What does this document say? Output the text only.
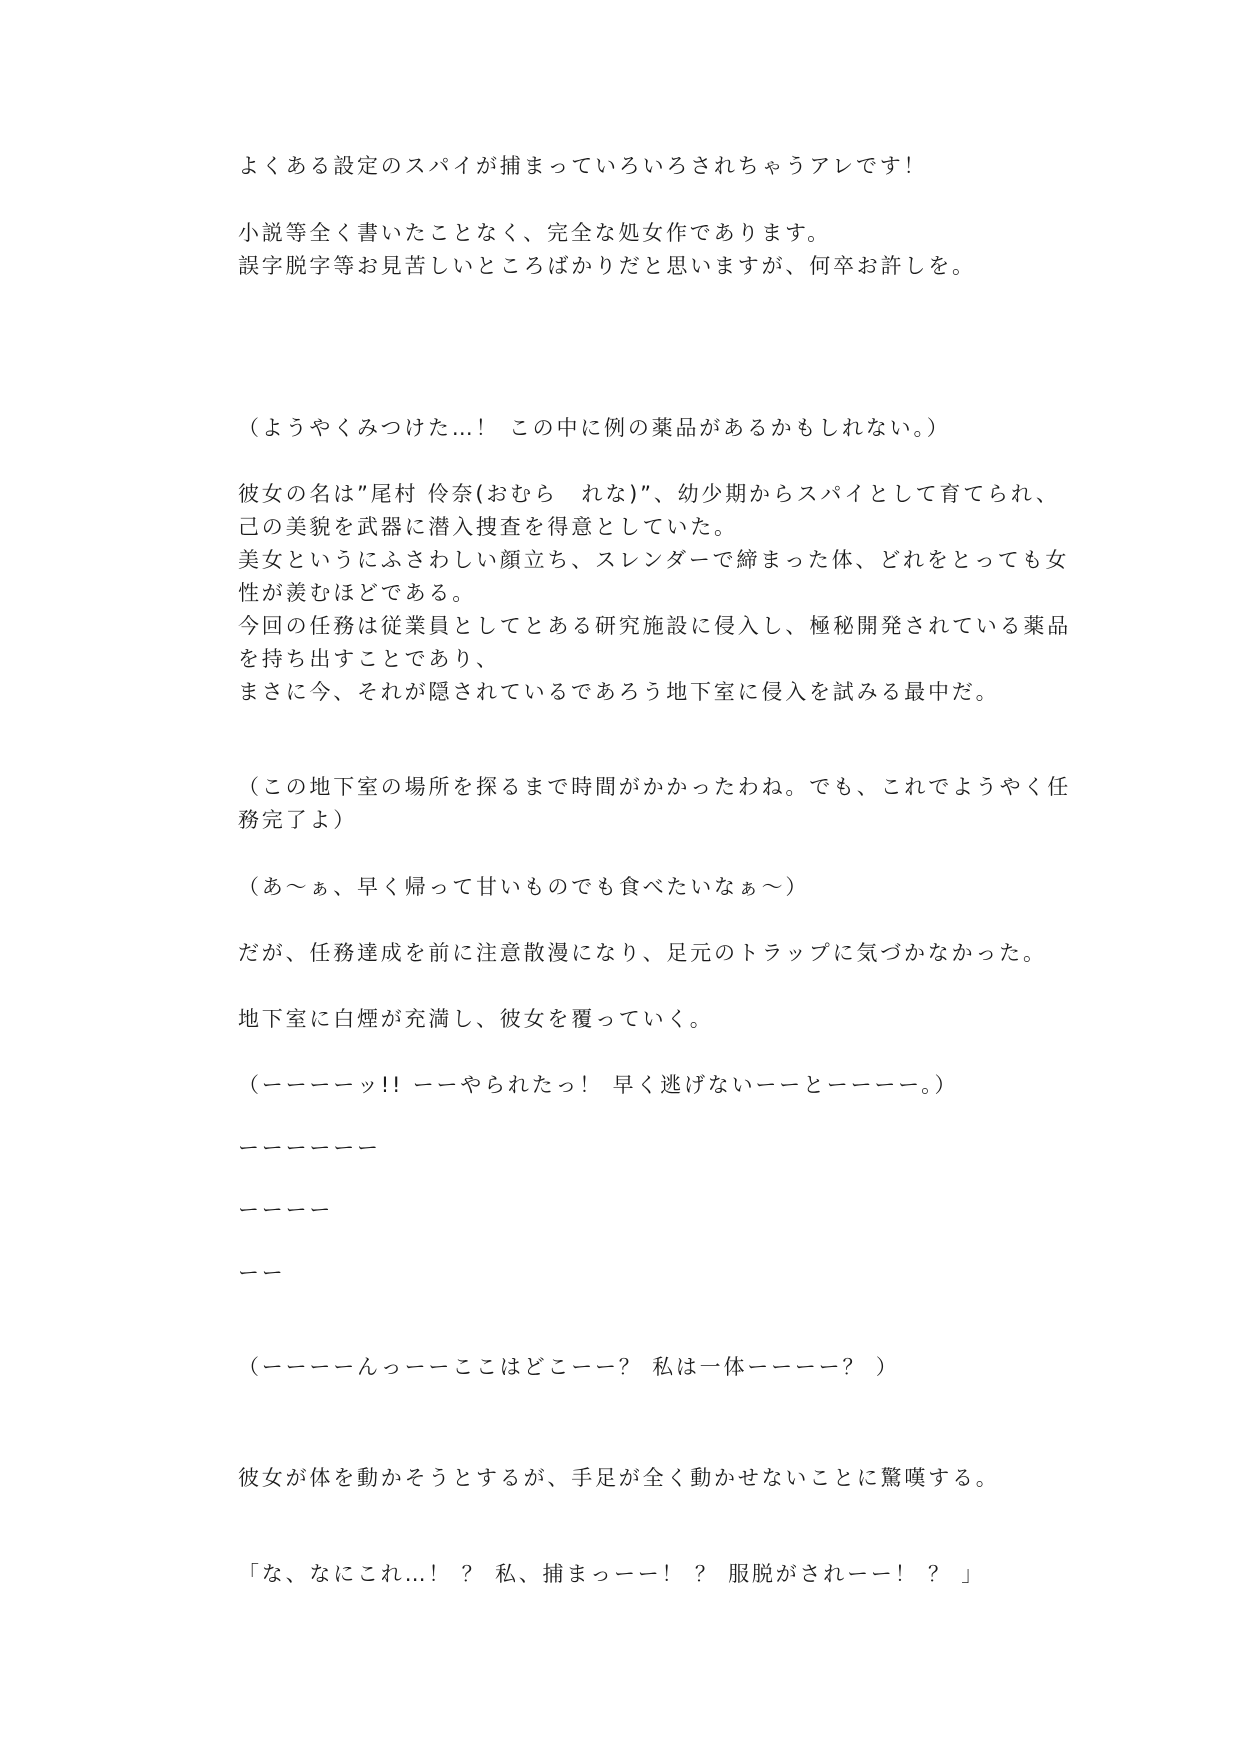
よくある設定のスパイが捕まっていろいろされちゃうアレです！

小説等全く書いたことなく、完全な処女作であります。

誤字脱字等お見苦しいところばかりだと思いますが、何卒お許しを。

（ようやくみつけた…！ この中に例の薬品があるかもしれない。）

彼女の名は”尾村 伶奈(おむら　れな)”、幼少期からスパイとして育てられ、

己の美貌を武器に潜入捜査を得意としていた。

美女というにふさわしい顔立ち、スレンダーで締まった体、どれをとっても女

性が羨むほどである。

今回の任務は従業員としてとある研究施設に侵入し、極秘開発されている薬品

を持ち出すことであり、

まさに今、それが隠されているであろう地下室に侵入を試みる最中だ。

（この地下室の場所を探るまで時間がかかったわね。でも、これでようやく任

務完了よ）

（あ～ぁ、早く帰って甘いものでも食べたいなぁ～）

だが、任務達成を前に注意散漫になり、足元のトラップに気づかなかった。

地下室に白煙が充満し、彼女を覆っていく。

（ーーーーッ!! ーーやられたっ！ 早く逃げないーーとーーーー。）

ーーーーーー

ーーーー

ーー

（ーーーーんっーーここはどこーー？ 私は一体ーーーー？ ）

彼女が体を動かそうとするが、手足が全く動かせないことに驚嘆する。

「な、なにこれ…！ ？ 私、捕まっーー！ ？ 服脱がされーー！ ？ 」
